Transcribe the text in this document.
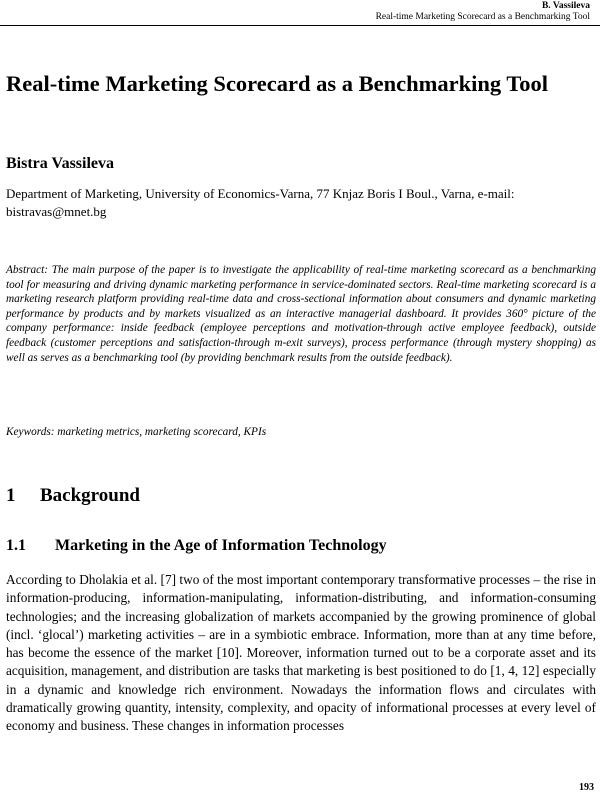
B. Vassileva
Real-time Marketing Scorecard as a Benchmarking Tool
Real-time Marketing Scorecard as a Benchmarking Tool
Bistra Vassileva
Department of Marketing, University of Economics-Varna, 77 Knjaz Boris I Boul., Varna, e-mail: bistravas@mnet.bg
Abstract: The main purpose of the paper is to investigate the applicability of real-time marketing scorecard as a benchmarking tool for measuring and driving dynamic marketing performance in service-dominated sectors. Real-time marketing scorecard is a marketing research platform providing real-time data and cross-sectional information about consumers and dynamic marketing performance by products and by markets visualized as an interactive managerial dashboard. It provides 360° picture of the company performance: inside feedback (employee perceptions and motivation-through active employee feedback), outside feedback (customer perceptions and satisfaction-through m-exit surveys), process performance (through mystery shopping) as well as serves as a benchmarking tool (by providing benchmark results from the outside feedback).
Keywords: marketing metrics, marketing scorecard, KPIs
1 Background
1.1 Marketing in the Age of Information Technology
According to Dholakia et al. [7] two of the most important contemporary transformative processes – the rise in information-producing, information-manipulating, information-distributing, and information-consuming technologies; and the increasing globalization of markets accompanied by the growing prominence of global (incl. ‘glocal’) marketing activities – are in a symbiotic embrace. Information, more than at any time before, has become the essence of the market [10]. Moreover, information turned out to be a corporate asset and its acquisition, management, and distribution are tasks that marketing is best positioned to do [1, 4, 12] especially in a dynamic and knowledge rich environment. Nowadays the information flows and circulates with dramatically growing quantity, intensity, complexity, and opacity of informational processes at every level of economy and business. These changes in information processes
193
